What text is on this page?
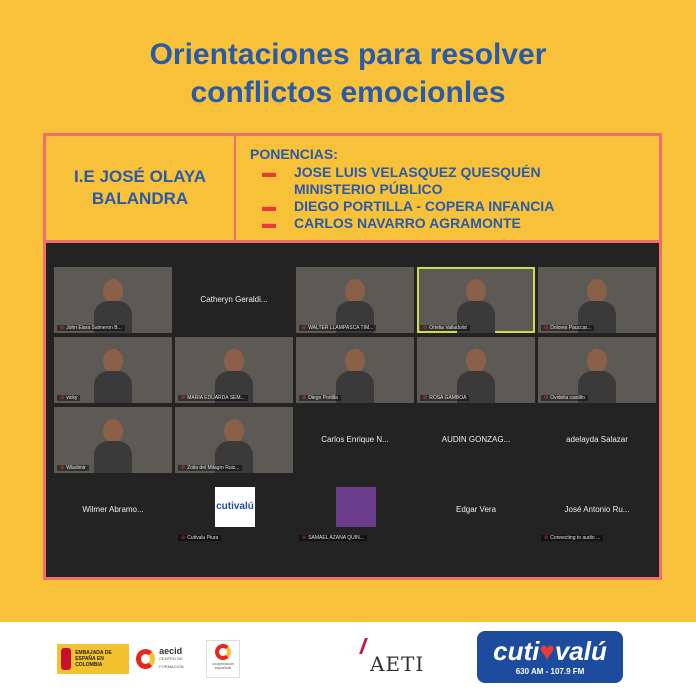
Orientaciones para resolver
conflictos emocionles
I.E JOSÉ OLAYA
BALANDRA
PONENCIAS:
▬	JOSE LUIS VELASQUEZ QUESQUÉN
MINISTERIO PÚBLICO
▬	DIEGO PORTILLA - COPERA INFANCIA
▬	CARLOS NAVARRO AGRAMONTE
⊘ John Elara Salmeron B...
Catheryn Geraldi...
⊘ WALTER LLAMPASCA TIM...	⊘ Ortelia Valladolid	⊘ Dolores Pauccar...
⊘ vicky	⊘ MARIA EDUARDA SEM...	⊘ Diego Portilla	⊘ ROSA GAMBOA	⊘ Ovidelia castillo
⊘ Wladimir	⊘ Zoila del Milagro Ruiz...
Carlos Enrique N...	AUDIN GONZAG...	adelayda Salazar
Wilmer Abramo...	cutivalú
⊘ Cutivalu Piura	⊘ SAMAEL AZAÑA QUIÑ...
Edgar Vera	José Antonio Ru...
⊘ Connecting to audio ...
EMBAJADA DE ESPAÑA EN COLOMBIA
aecid
CENTRO DE FORMACIÓN
cooperación española	AETI	cuti♥valú
630 AM - 107.9 FM
